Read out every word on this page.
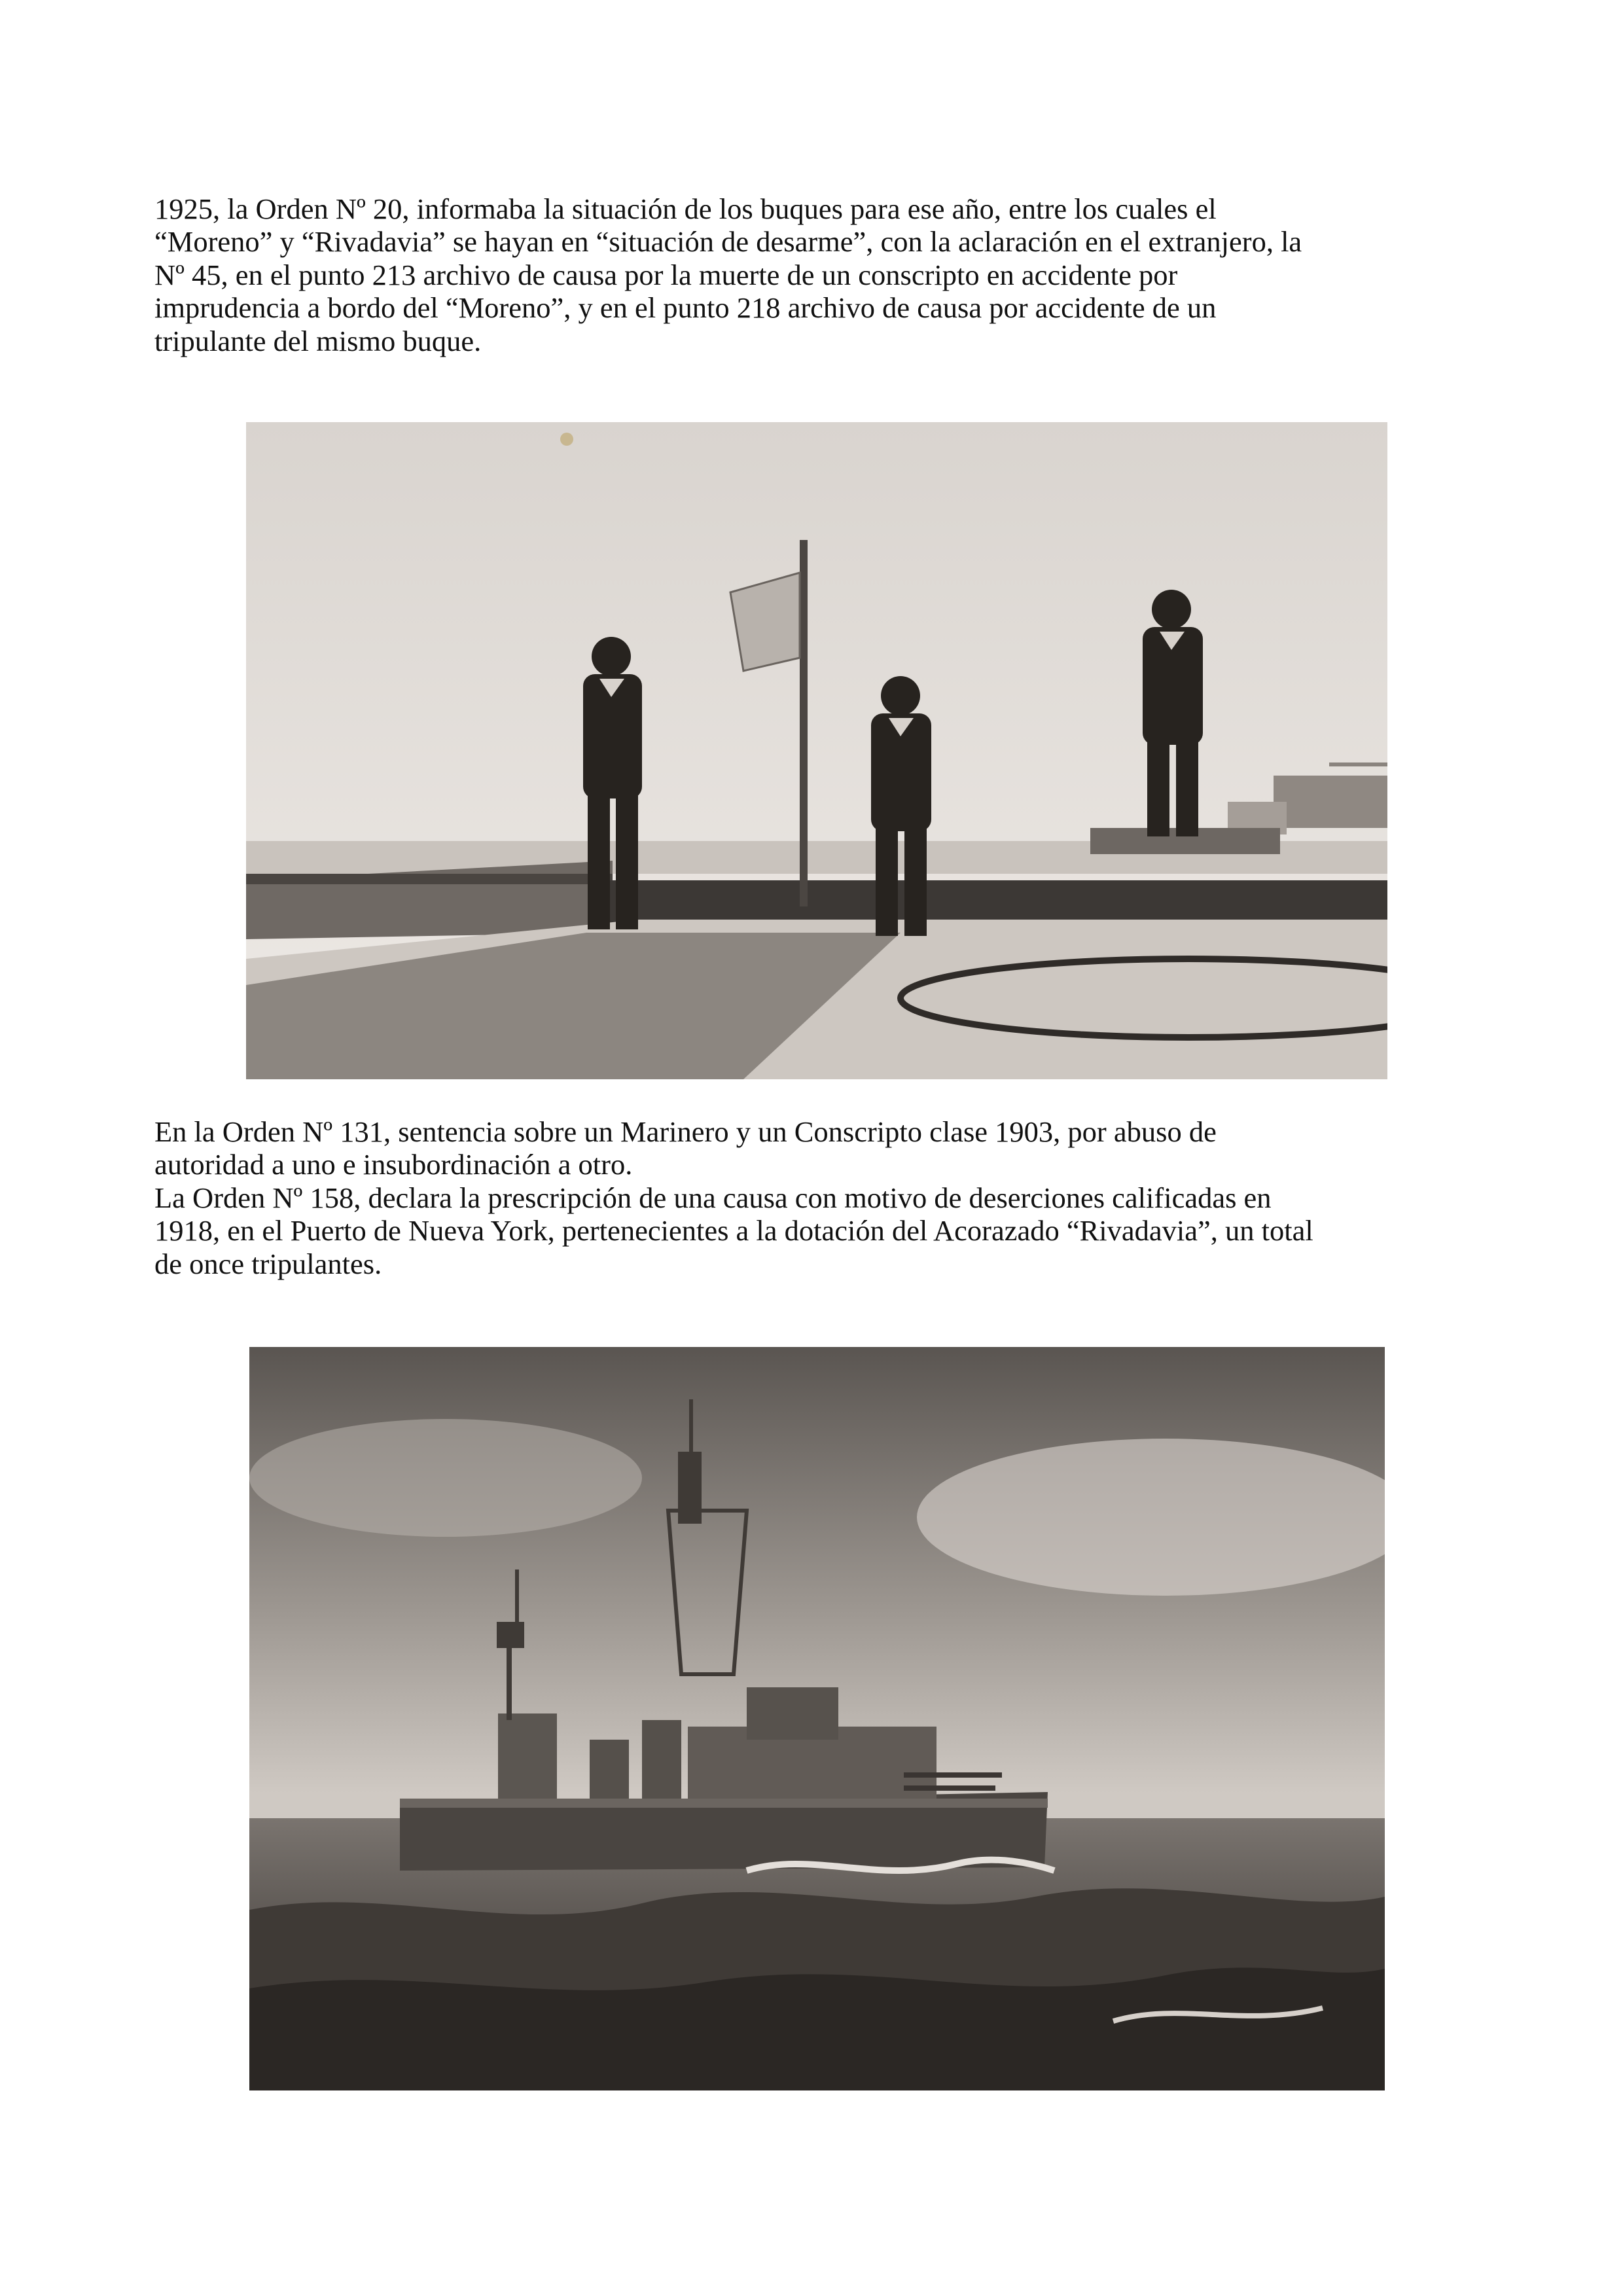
1925, la Orden Nº 20, informaba la situación de los buques para ese año, entre los cuales el
“Moreno” y “Rivadavia” se hayan en “situación de desarme”, con la aclaración en el extranjero, la
Nº 45, en el punto 213 archivo de causa por la muerte de un conscripto en accidente por
imprudencia a bordo del “Moreno”, y en el punto 218 archivo de causa por accidente de un
tripulante del mismo buque.
En la Orden Nº 131, sentencia sobre un Marinero y un Conscripto clase 1903, por abuso de
autoridad a uno e insubordinación a otro.
La Orden Nº 158, declara la prescripción de una causa con motivo de deserciones calificadas en
1918, en el Puerto de Nueva York, pertenecientes a la dotación del Acorazado “Rivadavia”, un total
de once tripulantes.
